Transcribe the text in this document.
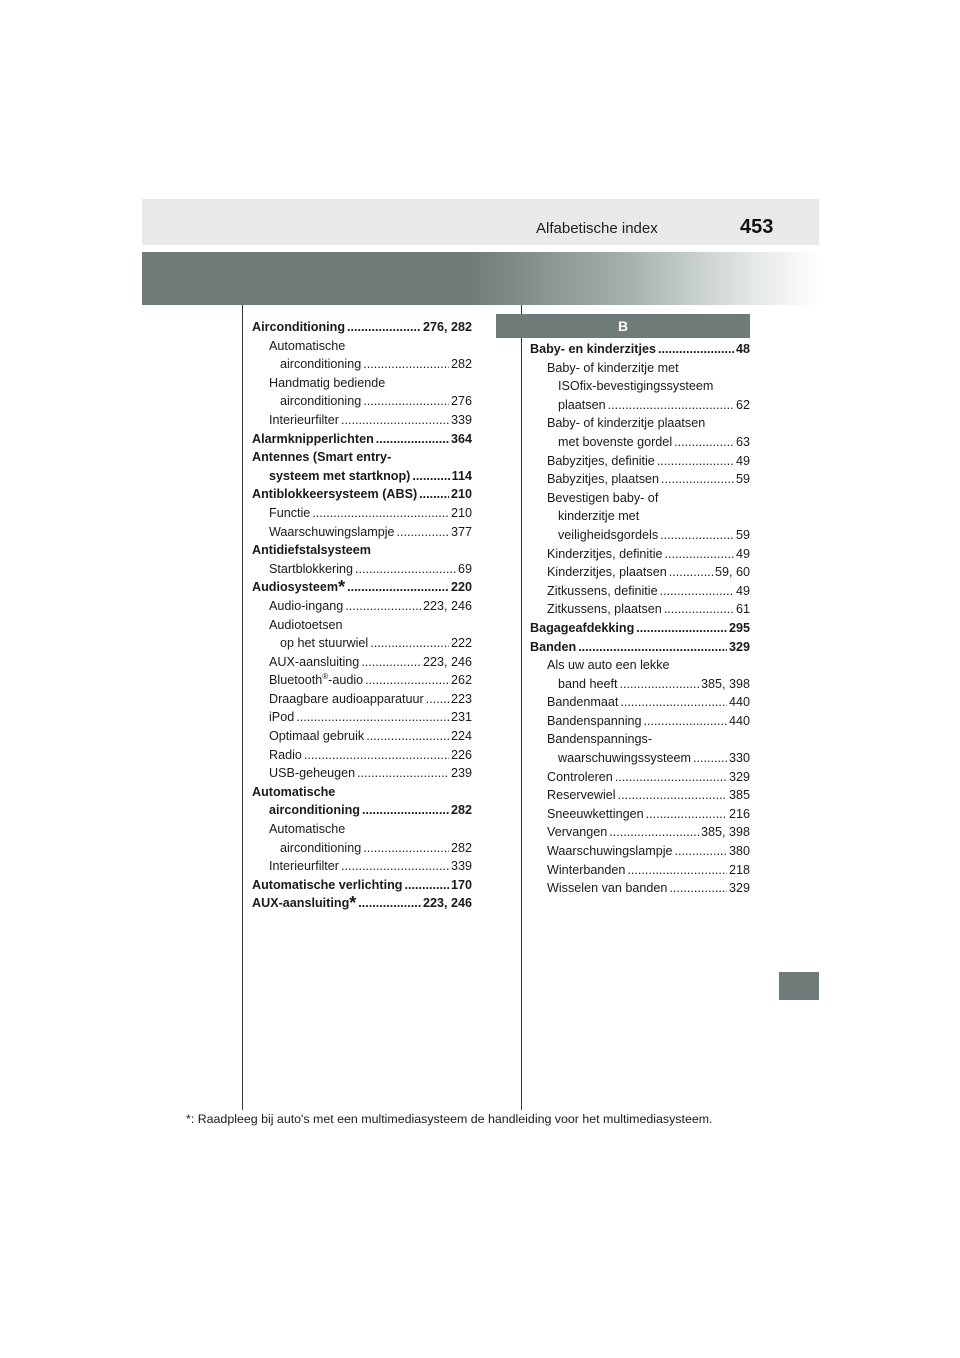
Alfabetische index	453
Airconditioning .....	276, 282
Automatische
airconditioning .....	282
Handmatig bediende
airconditioning .....	276
Interieurfilter .....	339
Alarmknipperlichten .....	364
Antennes (Smart entry-
systeem met startknop) .....	114
Antiblokkeersysteem (ABS) .....	210
Functie .....	210
Waarschuwingslampje .....	377
Antidiefstalsysteem
Startblokkering .....	69
Audiosysteem* .....	220
Audio-ingang .....	223, 246
Audiotoetsen
op het stuurwiel .....	222
AUX-aansluiting .....	223, 246
Bluetooth®-audio .....	262
Draagbare audioapparatuur ..... 223
iPod .....	231
Optimaal gebruik .....	224
Radio .....	226
USB-geheugen .....	239
Automatische
airconditioning .....	282
Automatische
airconditioning .....	282
Interieurfilter .....	339
Automatische verlichting .....	170
AUX-aansluiting* .....	223, 246
B
Baby- en kinderzitjes .....	48
Baby- of kinderzitje met
ISOfix-bevestigingssysteem
plaatsen .....	62
Baby- of kinderzitje plaatsen
met bovenste gordel .....	63
Babyzitjes, definitie .....	49
Babyzitjes, plaatsen .....	59
Bevestigen baby- of
kinderzitje met
veiligheidsgordels .....	59
Kinderzitjes, definitie .....	49
Kinderzitjes, plaatsen .....	59, 60
Zitkussens, definitie .....	49
Zitkussens, plaatsen .....	61
Bagageafdekking .....	295
Banden .....	329
Als uw auto een lekke
band heeft .....	385, 398
Bandenmaat .....	440
Bandenspanning .....	440
Bandenspannings-
waarschuwingssysteem .....	330
Controleren .....	329
Reservewiel .....	385
Sneeuwkettingen .....	216
Vervangen .....	385, 398
Waarschuwingslampje .....	380
Winterbanden .....	218
Wisselen van banden .....	329
*: Raadpleeg bij auto's met een multimediasysteem de handleiding voor het multimediasysteem.
